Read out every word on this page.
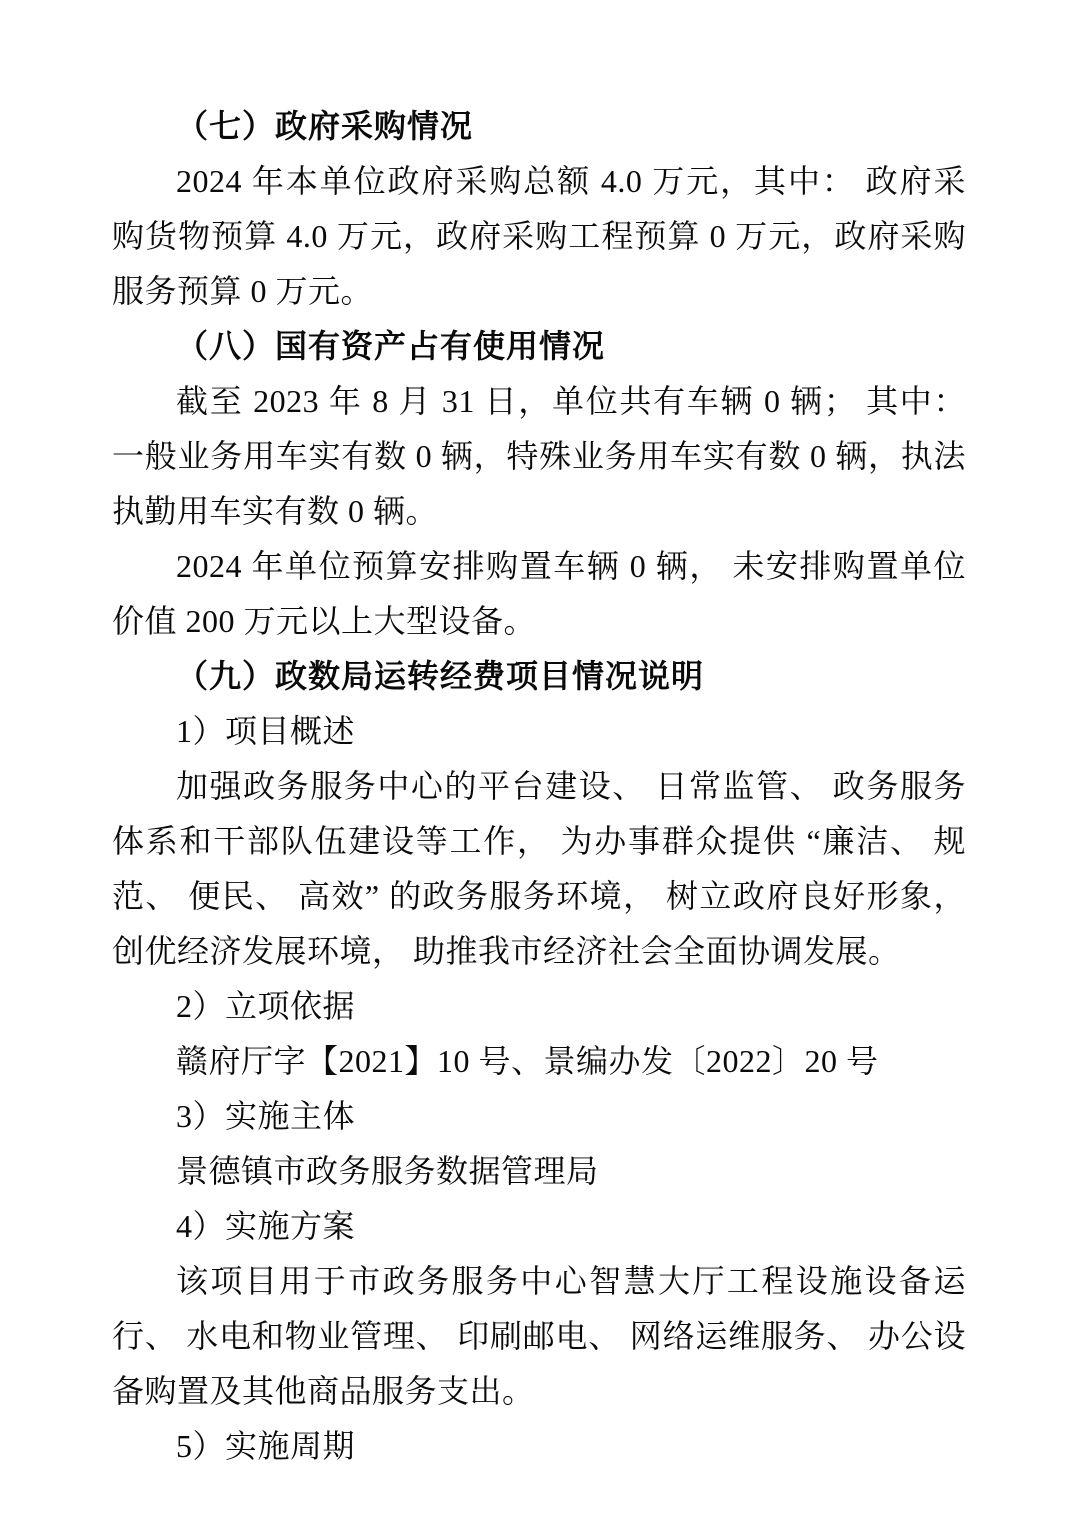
（七）政府采购情况

2024 年本单位政府采购总额 4.0 万元，其中： 政府采购货物预算 4.0 万元，政府采购工程预算 0 万元，政府采购服务预算 0 万元。

（八）国有资产占有使用情况

截至 2023 年 8 月 31 日，单位共有车辆 0 辆； 其中： 一般业务用车实有数 0 辆，特殊业务用车实有数 0 辆，执法执勤用车实有数 0 辆。

2024 年单位预算安排购置车辆 0 辆， 未安排购置单位价值 200 万元以上大型设备。

（九）政数局运转经费项目情况说明

1）项目概述

加强政务服务中心的平台建设、 日常监管、 政务服务体系和干部队伍建设等工作， 为办事群众提供 “廉洁、 规范、 便民、 高效” 的政务服务环境， 树立政府良好形象， 创优经济发展环境， 助推我市经济社会全面协调发展。

2）立项依据

赣府厅字【2021】10 号、景编办发〔2022〕20 号

3）实施主体

景德镇市政务服务数据管理局

4）实施方案

该项目用于市政务服务中心智慧大厅工程设施设备运行、 水电和物业管理、 印刷邮电、 网络运维服务、 办公设备购置及其他商品服务支出。

5）实施周期
